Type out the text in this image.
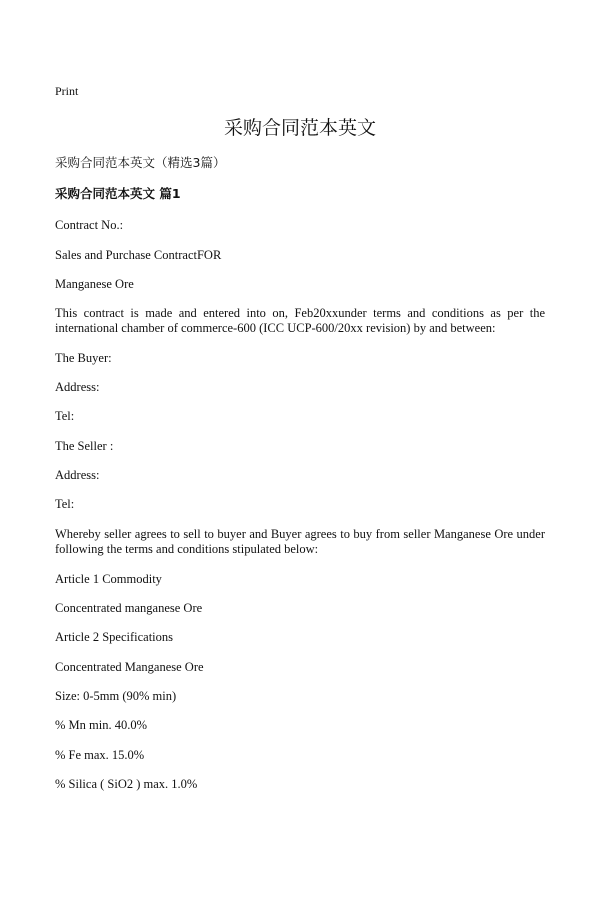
Print
采购合同范本英文
采购合同范本英文（精选3篇）
采购合同范本英文 篇1
Contract No.:
Sales and Purchase ContractFOR
Manganese Ore
This contract is made and entered into on, Feb20xxunder terms and conditions as per the international chamber of commerce-600 (ICC UCP-600/20xx revision) by and between:
The Buyer:
Address:
Tel:
The Seller :
Address:
Tel:
Whereby seller agrees to sell to buyer and Buyer agrees to buy from seller Manganese Ore under following the terms and conditions stipulated below:
Article 1 Commodity
Concentrated manganese Ore
Article 2 Specifications
Concentrated Manganese Ore
Size: 0-5mm (90% min)
% Mn min. 40.0%
% Fe max. 15.0%
% Silica ( SiO2 ) max. 1.0%
